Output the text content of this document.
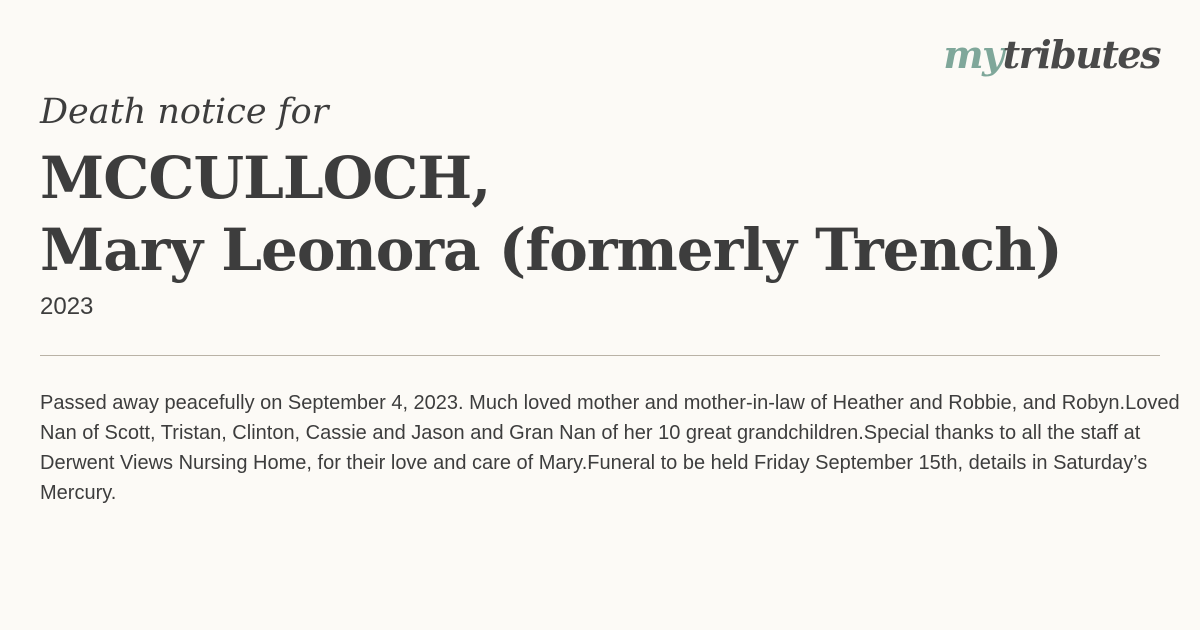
mytributes
Death notice for
MCCULLOCH,
Mary Leonora (formerly Trench)
2023
Passed away peacefully on September 4, 2023. Much loved mother and mother-in-law of Heather and Robbie, and Robyn.Loved Nan of Scott, Tristan, Clinton, Cassie and Jason and Gran Nan of her 10 great grandchildren.Special thanks to all the staff at Derwent Views Nursing Home, for their love and care of Mary.Funeral to be held Friday September 15th, details in Saturday’s Mercury.
